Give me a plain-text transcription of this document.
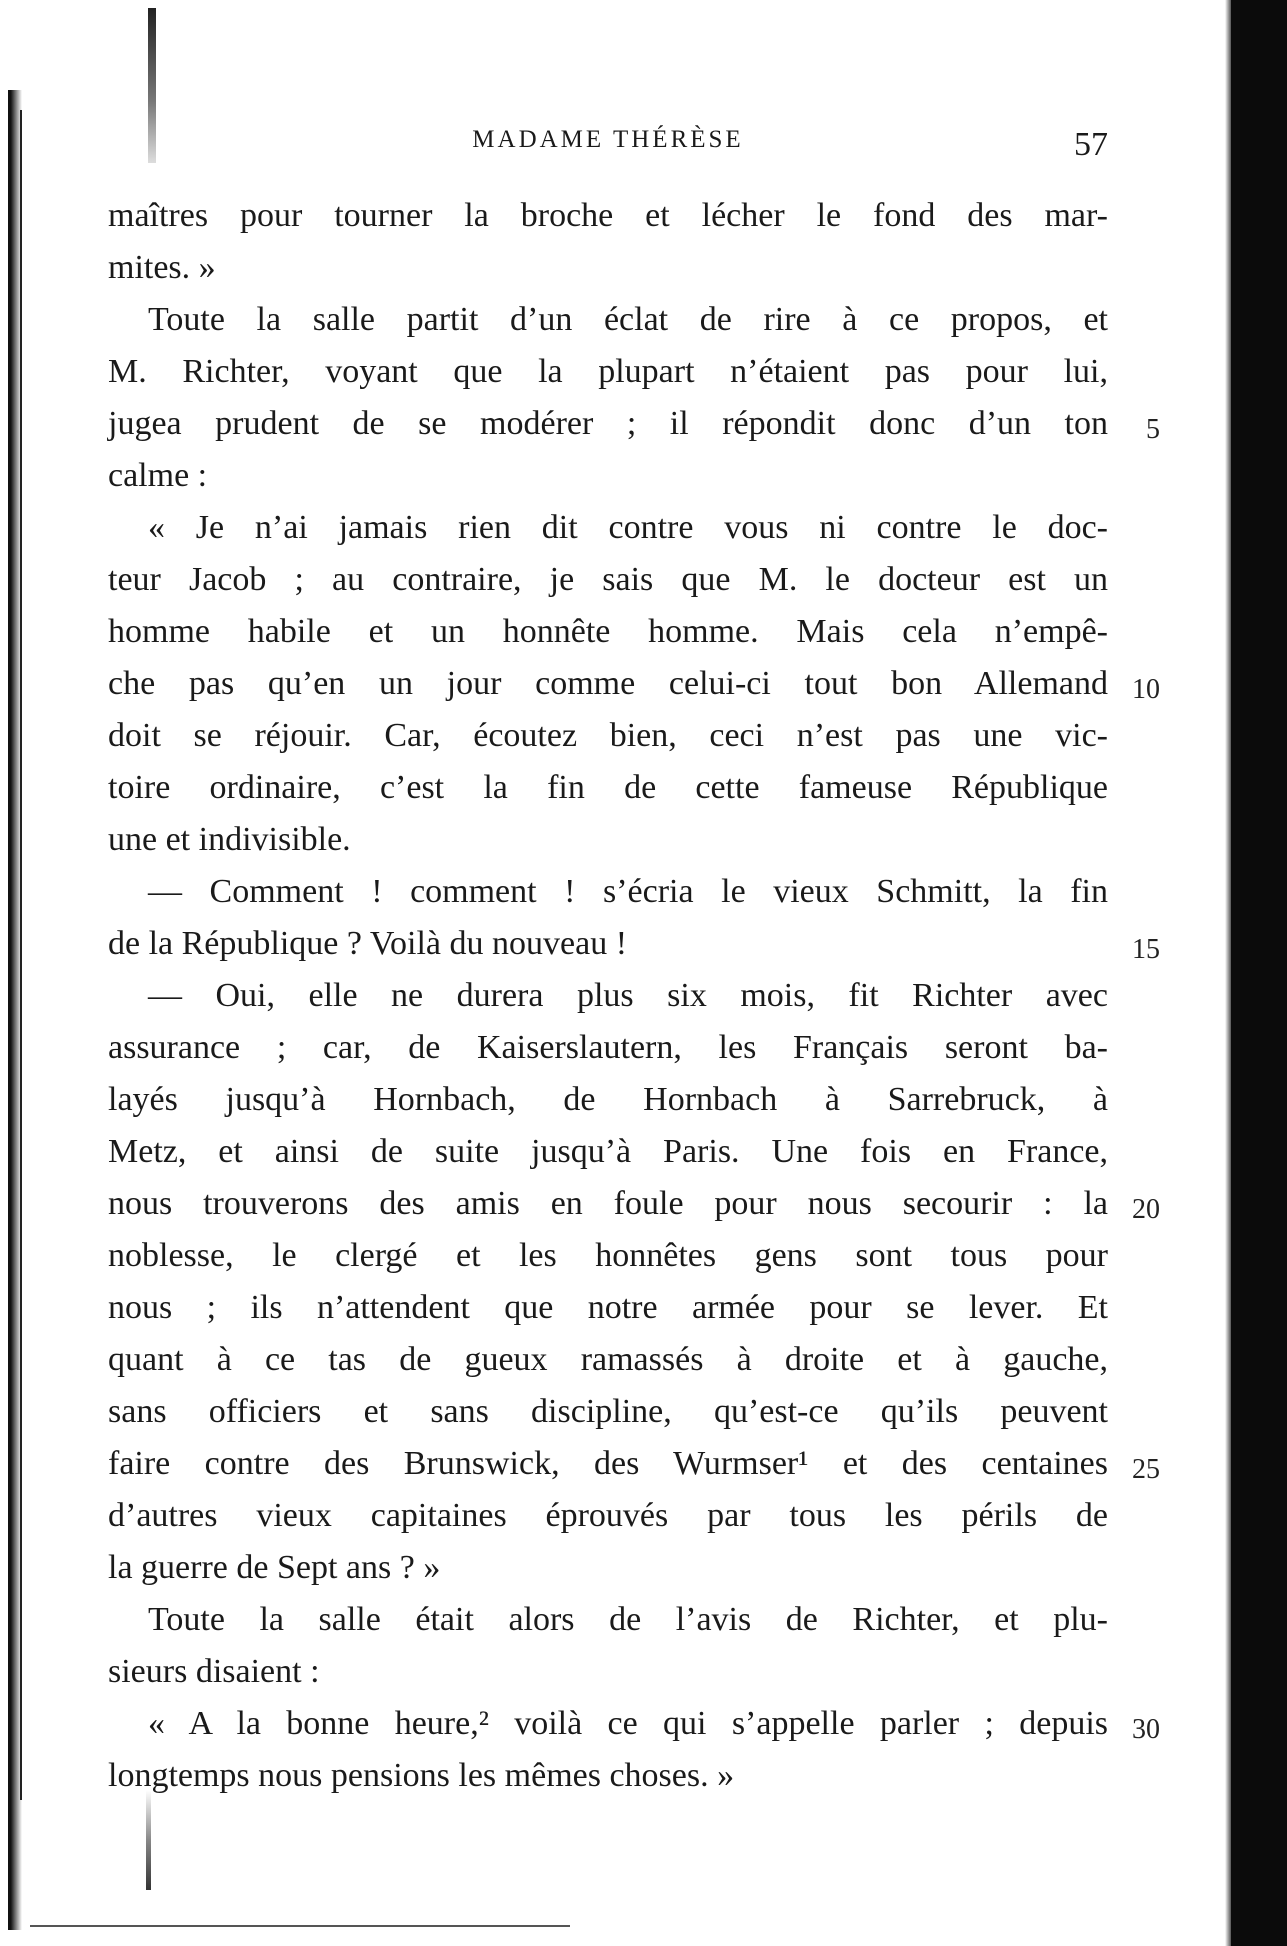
MADAME THÉRÈSE	57
maîtres pour tourner la broche et lécher le fond des mar-
mites. »
Toute la salle partit d’un éclat de rire à ce propos, et
M. Richter, voyant que la plupart n’étaient pas pour lui,
jugea prudent de se modérer ; il répondit donc d’un ton 5
calme :
« Je n’ai jamais rien dit contre vous ni contre le doc-
teur Jacob ; au contraire, je sais que M. le docteur est un
homme habile et un honnête homme. Mais cela n’empê-
che pas qu’en un jour comme celui-ci tout bon Allemand 10
doit se réjouir. Car, écoutez bien, ceci n’est pas une vic-
toire ordinaire, c’est la fin de cette fameuse République
une et indivisible.
— Comment ! comment ! s’écria le vieux Schmitt, la fin
de la République ? Voilà du nouveau !	15
— Oui, elle ne durera plus six mois, fit Richter avec
assurance ; car, de Kaiserslautern, les Français seront ba-
layés jusqu’à Hornbach, de Hornbach à Sarrebruck, à
Metz, et ainsi de suite jusqu’à Paris. Une fois en France,
nous trouverons des amis en foule pour nous secourir : la 20
noblesse, le clergé et les honnêtes gens sont tous pour
nous ; ils n’attendent que notre armée pour se lever. Et
quant à ce tas de gueux ramassés à droite et à gauche,
sans officiers et sans discipline, qu’est-ce qu’ils peuvent
faire contre des Brunswick, des Wurmser¹ et des centaines 25
d’autres vieux capitaines éprouvés par tous les périls de
la guerre de Sept ans ? »
Toute la salle était alors de l’avis de Richter, et plu-
sieurs disaient :
« A la bonne heure,² voilà ce qui s’appelle parler ; depuis 30
longtemps nous pensions les mêmes choses. »
